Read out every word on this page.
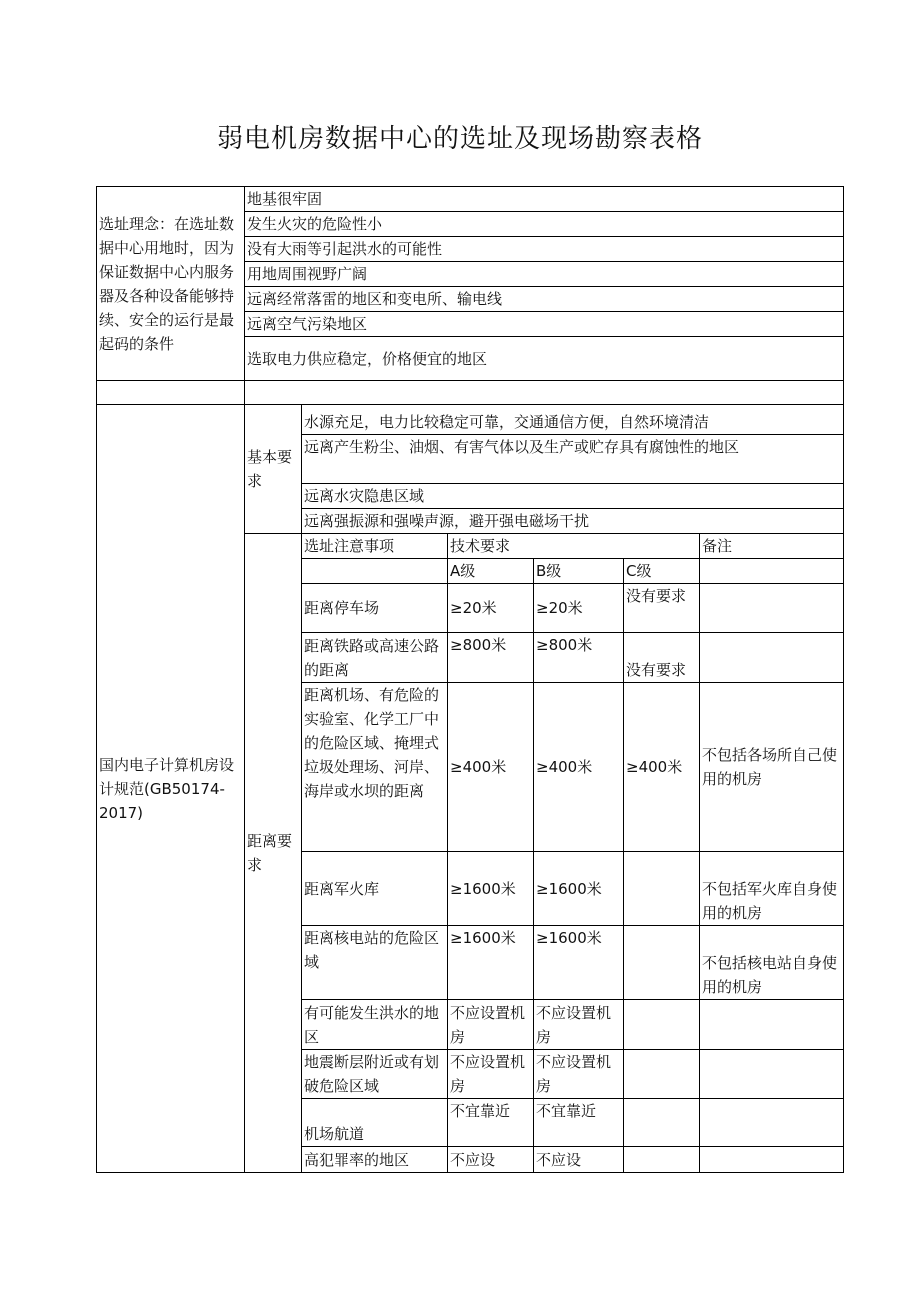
弱电机房数据中心的选址及现场勘察表格
选址理念：在选址数据中心用地时，因为保证数据中心内服务器及各种设备能够持续、安全的运行是最起码的条件	地基很牢固					
	发生火灾的危险性小					
	没有大雨等引起洪水的可能性					
	用地周围视野广阔					
	远离经常落雷的地区和变电所、输电线					
	远离空气污染地区					
	选取电力供应稳定，价格便宜的地区					

国内电子计算机房设计规范(GB50174-2017)	基本要求	水源充足，电力比较稳定可靠，交通通信方便，自然环境清洁				
		远离产生粉尘、油烟、有害气体以及生产或贮存具有腐蚀性的地区				
		远离水灾隐患区域				
		远离强振源和强噪声源，避开强电磁场干扰				
	距离要求	选址注意事项	技术要求			备注
			A级	B级	C级	
		距离停车场	≥20米	≥20米	没有要求	
		距离铁路或高速公路的距离	≥800米	≥800米	没有要求	
		距离机场、有危险的实验室、化学工厂中的危险区域、掩埋式垃圾处理场、河岸、海岸或水坝的距离	≥400米	≥400米	≥400米	不包括各场所自己使用的机房
		距离军火库	≥1600米	≥1600米		不包括军火库自身使用的机房
		距离核电站的危险区域	≥1600米	≥1600米		不包括核电站自身使用的机房
		有可能发生洪水的地区	不应设置机房	不应设置机房		
		地震断层附近或有划破危险区域	不应设置机房	不应设置机房		
		机场航道	不宜靠近	不宜靠近		
		高犯罪率的地区	不应设	不应设		
